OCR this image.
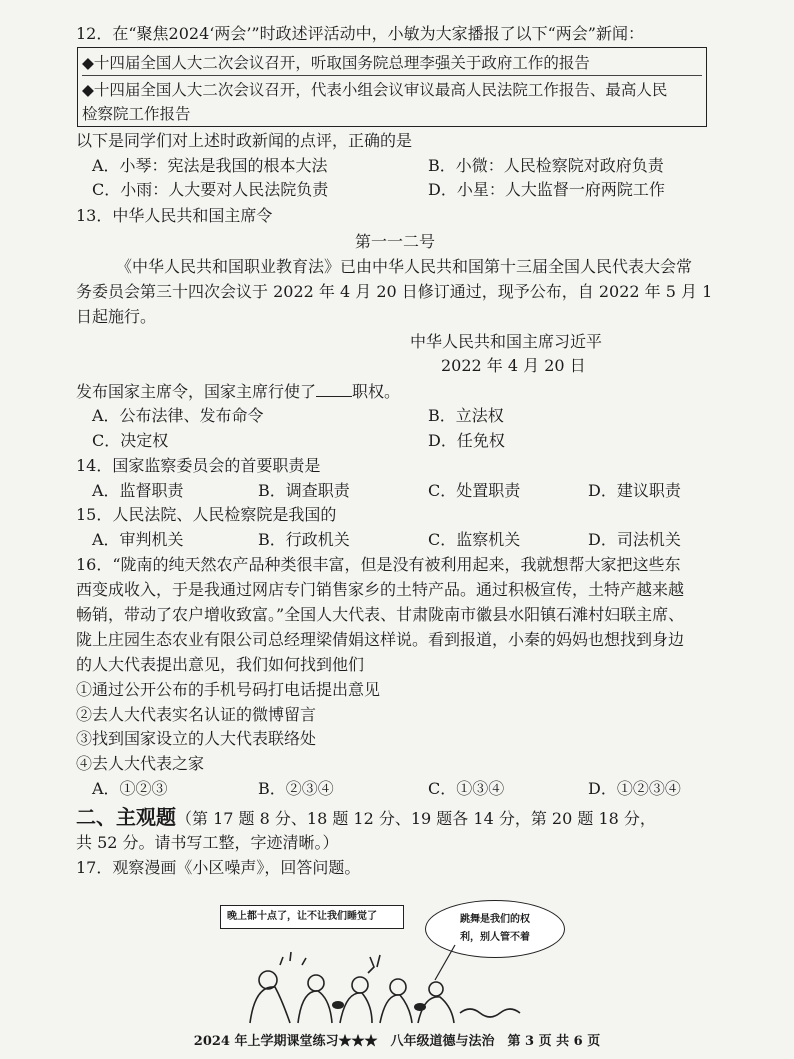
12．在“聚焦2024‘两会’”时政述评活动中，小敏为大家播报了以下“两会”新闻：
◆十四届全国人大二次会议召开，听取国务院总理李强关于政府工作的报告
◆十四届全国人大二次会议召开，代表小组会议审议最高人民法院工作报告、最高人民
检察院工作报告
以下是同学们对上述时政新闻的点评，正确的是
A．小琴：宪法是我国的根本大法	B．小微：人民检察院对政府负责
C．小雨：人大要对人民法院负责	D．小星：人大监督一府两院工作
13．中华人民共和国主席令
第一一二号
《中华人民共和国职业教育法》已由中华人民共和国第十三届全国人民代表大会常
务委员会第三十四次会议于 2022 年 4 月 20 日修订通过，现予公布，自 2022 年 5 月 1
日起施行。
中华人民共和国主席习近平
2022 年 4 月 20 日
发布国家主席令，国家主席行使了 职权。
A．公布法律、发布命令	B．立法权
C．决定权	D．任免权
14．国家监察委员会的首要职责是
A．监督职责	B．调查职责	C．处置职责	D．建议职责
15．人民法院、人民检察院是我国的
A．审判机关	B．行政机关	C．监察机关	D．司法机关
16．“陇南的纯天然农产品种类很丰富，但是没有被利用起来，我就想帮大家把这些东
西变成收入，于是我通过网店专门销售家乡的土特产品。通过积极宣传，土特产越来越
畅销，带动了农户增收致富。”全国人大代表、甘肃陇南市徽县水阳镇石滩村妇联主席、
陇上庄园生态农业有限公司总经理梁倩娟这样说。看到报道，小秦的妈妈也想找到身边
的人大代表提出意见，我们如何找到他们
①通过公开公布的手机号码打电话提出意见
②去人大代表实名认证的微博留言
③找到国家设立的人大代表联络处
④去人大代表之家
A．①②③	B．②③④	C．①③④	D．①②③④
二、主观题（第 17 题 8 分、18 题 12 分、19 题各 14 分，第 20 题 18 分，
共 52 分。请书写工整，字迹清晰。）
17．观察漫画《小区噪声》，回答问题。
晚上都十点了，让不让我们睡觉了	跳舞是我们的权
利，别人管不着
2024 年上学期课堂练习★★★　八年级道德与法治　第 3 页 共 6 页
